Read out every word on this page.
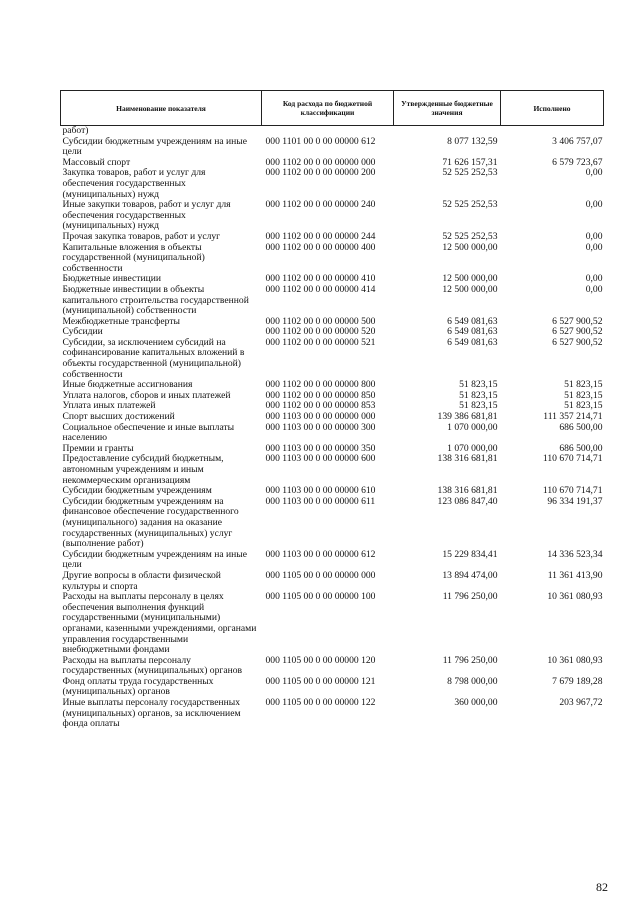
Наименование показателя	Код расхода по бюджетной классификации	Утвержденные бюджетные значения	Исполнено
работ)			
Субсидии бюджетным учреждениям на иные цели	000 1101 00 0 00 00000 612	8 077 132,59	3 406 757,07
Массовый спорт	000 1102 00 0 00 00000 000	71 626 157,31	6 579 723,67
Закупка товаров, работ и услуг для обеспечения государственных (муниципальных) нужд	000 1102 00 0 00 00000 200	52 525 252,53	0,00
Иные закупки товаров, работ и услуг для обеспечения государственных (муниципальных) нужд	000 1102 00 0 00 00000 240	52 525 252,53	0,00
Прочая закупка товаров, работ и услуг	000 1102 00 0 00 00000 244	52 525 252,53	0,00
Капитальные вложения в объекты государственной (муниципальной) собственности	000 1102 00 0 00 00000 400	12 500 000,00	0,00
Бюджетные инвестиции	000 1102 00 0 00 00000 410	12 500 000,00	0,00
Бюджетные инвестиции в объекты капитального строительства государственной (муниципальной) собственности	000 1102 00 0 00 00000 414	12 500 000,00	0,00
Межбюджетные трансферты	000 1102 00 0 00 00000 500	6 549 081,63	6 527 900,52
Субсидии	000 1102 00 0 00 00000 520	6 549 081,63	6 527 900,52
Субсидии, за исключением субсидий на софинансирование капитальных вложений в объекты государственной (муниципальной) собственности	000 1102 00 0 00 00000 521	6 549 081,63	6 527 900,52
Иные бюджетные ассигнования	000 1102 00 0 00 00000 800	51 823,15	51 823,15
Уплата налогов, сборов и иных платежей	000 1102 00 0 00 00000 850	51 823,15	51 823,15
Уплата иных платежей	000 1102 00 0 00 00000 853	51 823,15	51 823,15
Спорт высших достижений	000 1103 00 0 00 00000 000	139 386 681,81	111 357 214,71
Социальное обеспечение и иные выплаты населению	000 1103 00 0 00 00000 300	1 070 000,00	686 500,00
Премии и гранты	000 1103 00 0 00 00000 350	1 070 000,00	686 500,00
Предоставление субсидий бюджетным, автономным учреждениям и иным некоммерческим организациям	000 1103 00 0 00 00000 600	138 316 681,81	110 670 714,71
Субсидии бюджетным учреждениям	000 1103 00 0 00 00000 610	138 316 681,81	110 670 714,71
Субсидии бюджетным учреждениям на финансовое обеспечение государственного (муниципального) задания на оказание государственных (муниципальных) услуг (выполнение работ)	000 1103 00 0 00 00000 611	123 086 847,40	96 334 191,37
Субсидии бюджетным учреждениям на иные цели	000 1103 00 0 00 00000 612	15 229 834,41	14 336 523,34
Другие вопросы в области физической культуры и спорта	000 1105 00 0 00 00000 000	13 894 474,00	11 361 413,90
Расходы на выплаты персоналу в целях обеспечения выполнения функций государственными (муниципальными) органами, казенными учреждениями, органами управления государственными внебюджетными фондами	000 1105 00 0 00 00000 100	11 796 250,00	10 361 080,93
Расходы на выплаты персоналу государственных (муниципальных) органов	000 1105 00 0 00 00000 120	11 796 250,00	10 361 080,93
Фонд оплаты труда государственных (муниципальных) органов	000 1105 00 0 00 00000 121	8 798 000,00	7 679 189,28
Иные выплаты персоналу государственных (муниципальных) органов, за исключением фонда оплаты	000 1105 00 0 00 00000 122	360 000,00	203 967,72
82
